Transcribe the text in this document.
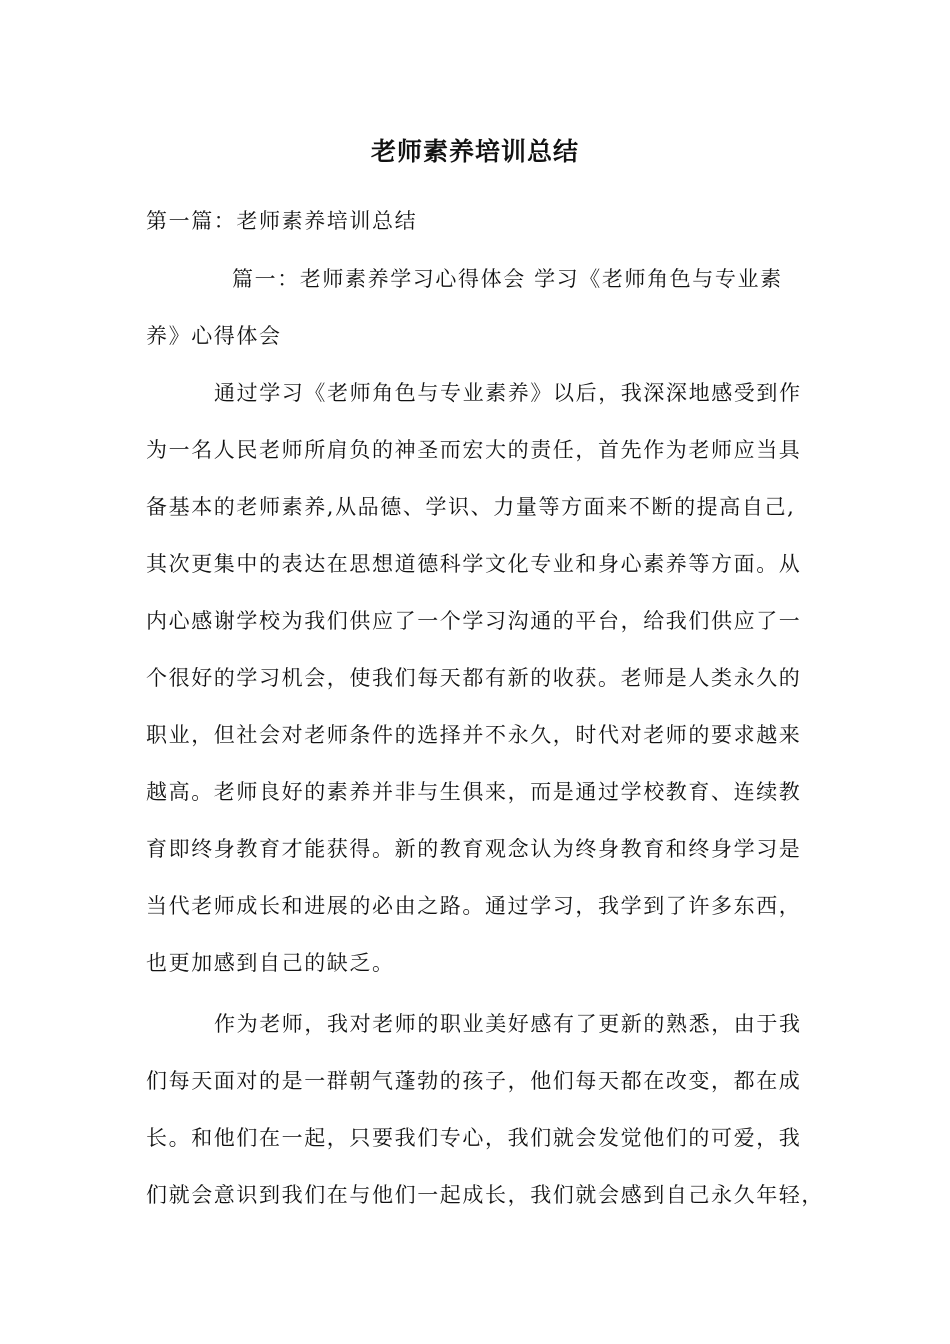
老师素养培训总结
第一篇：老师素养培训总结
篇一：老师素养学习心得体会 学习《老师角色与专业素
养》心得体会
通过学习《老师角色与专业素养》以后，我深深地感受到作
为一名人民老师所肩负的神圣而宏大的责任，首先作为老师应当具
备基本的老师素养,从品德、学识、力量等方面来不断的提高自己,
其次更集中的表达在思想道德科学文化专业和身心素养等方面。从
内心感谢学校为我们供应了一个学习沟通的平台，给我们供应了一
个很好的学习机会，使我们每天都有新的收获。老师是人类永久的
职业，但社会对老师条件的选择并不永久，时代对老师的要求越来
越高。老师良好的素养并非与生俱来，而是通过学校教育、连续教
育即终身教育才能获得。新的教育观念认为终身教育和终身学习是
当代老师成长和进展的必由之路。通过学习，我学到了许多东西，
也更加感到自己的缺乏。
作为老师，我对老师的职业美好感有了更新的熟悉，由于我
们每天面对的是一群朝气蓬勃的孩子，他们每天都在改变，都在成
长。和他们在一起，只要我们专心，我们就会发觉他们的可爱，我
们就会意识到我们在与他们一起成长，我们就会感到自己永久年轻，
